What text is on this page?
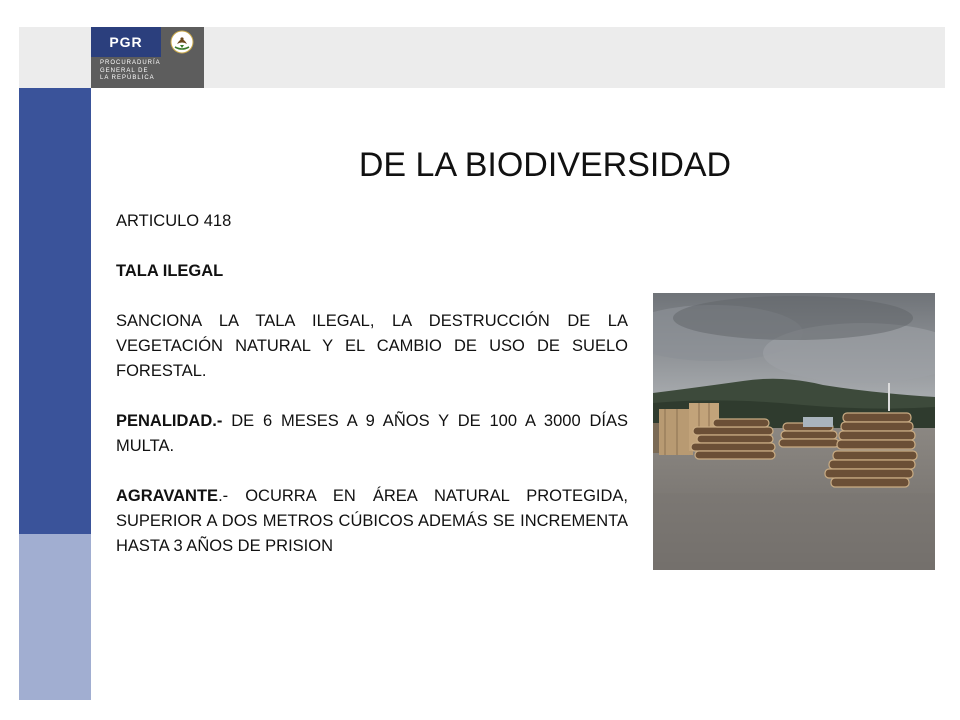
PGR
PROCURADURÍA
GENERAL DE
LA REPÚBLICA
DE LA BIODIVERSIDAD

ARTICULO 418

TALA ILEGAL

SANCIONA LA TALA ILEGAL, LA DESTRUCCIÓN DE LA VEGETACIÓN NATURAL Y EL CAMBIO DE USO DE SUELO FORESTAL.

PENALIDAD.- DE 6 MESES A 9 AÑOS Y DE 100 A 3000 DÍAS MULTA.

AGRAVANTE.- OCURRA EN ÁREA NATURAL PROTEGIDA, SUPERIOR A DOS METROS CÚBICOS ADEMÁS SE INCREMENTA HASTA 3 AÑOS DE PRISION
